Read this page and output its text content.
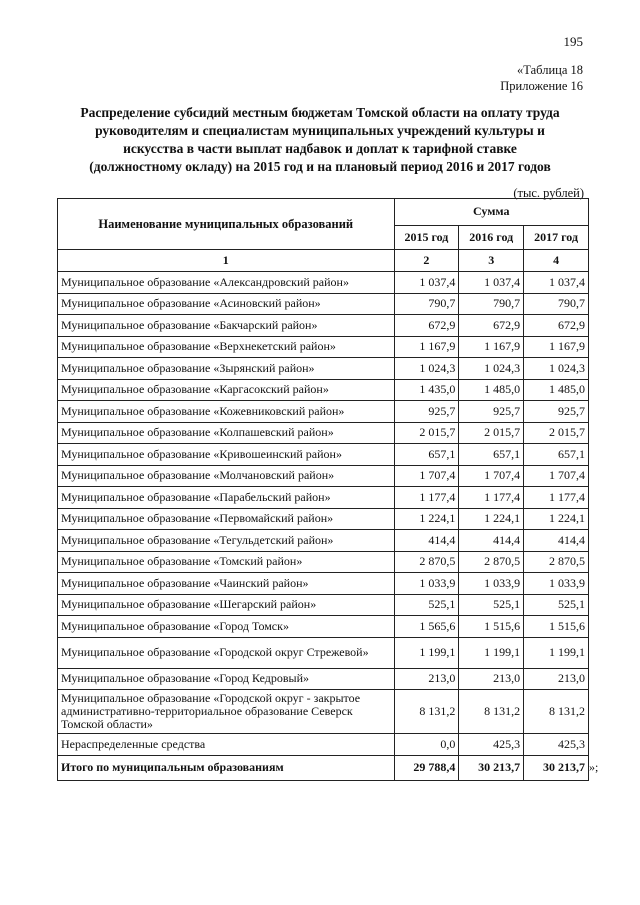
195
«Таблица 18
Приложение 16
Распределение субсидий местным бюджетам Томской области на оплату труда
руководителям и специалистам муниципальных учреждений культуры и
искусства в части выплат надбавок и доплат к тарифной ставке
(должностному окладу) на 2015 год и на плановый период 2016 и 2017 годов
(тыс. рублей)
Наименование муниципальных образований	Сумма		
	2015 год	2016 год	2017 год
1	2	3	4
Муниципальное образование «Александровский район»	1 037,4	1 037,4	1 037,4
Муниципальное образование «Асиновский район»	790,7	790,7	790,7
Муниципальное образование «Бакчарский район»	672,9	672,9	672,9
Муниципальное образование «Верхнекетский район»	1 167,9	1 167,9	1 167,9
Муниципальное образование «Зырянский район»	1 024,3	1 024,3	1 024,3
Муниципальное образование «Каргасокский район»	1 435,0	1 485,0	1 485,0
Муниципальное образование «Кожевниковский район»	925,7	925,7	925,7
Муниципальное образование «Колпашевский район»	2 015,7	2 015,7	2 015,7
Муниципальное образование «Кривошеинский район»	657,1	657,1	657,1
Муниципальное образование «Молчановский район»	1 707,4	1 707,4	1 707,4
Муниципальное образование «Парабельский район»	1 177,4	1 177,4	1 177,4
Муниципальное образование «Первомайский район»	1 224,1	1 224,1	1 224,1
Муниципальное образование «Тегульдетский район»	414,4	414,4	414,4
Муниципальное образование «Томский район»	2 870,5	2 870,5	2 870,5
Муниципальное образование «Чаинский район»	1 033,9	1 033,9	1 033,9
Муниципальное образование «Шегарский район»	525,1	525,1	525,1
Муниципальное образование «Город Томск»	1 565,6	1 515,6	1 515,6
Муниципальное образование «Городской округ Стрежевой»	1 199,1	1 199,1	1 199,1
Муниципальное образование «Город Кедровый»	213,0	213,0	213,0
Муниципальное образование «Городской округ - закрытое административно-территориальное образование Северск Томской области»	8 131,2	8 131,2	8 131,2
Нераспределенные средства	0,0	425,3	425,3
Итого по муниципальным образованиям	29 788,4	30 213,7	30 213,7 »;
